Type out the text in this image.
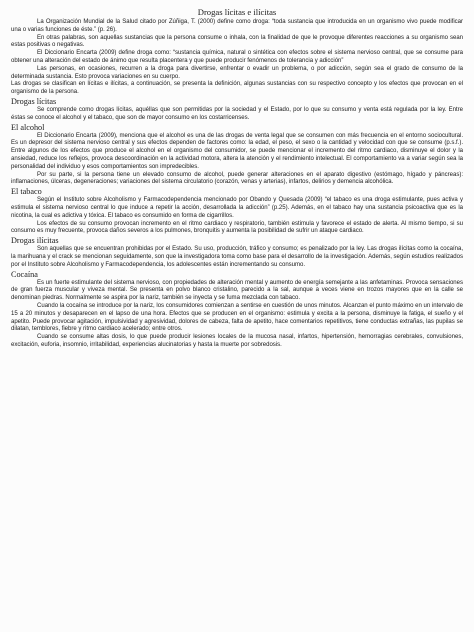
Drogas lícitas e ilícitas

La Organización Mundial de la Salud citado por Zúñiga, T. (2000) define como droga: “toda sustancia que introducida en un organismo vivo puede modificar una o varias funciones de éste.” (p. 26).

En otras palabras, son aquellas sustancias que la persona consume o inhala, con la finalidad de que le provoque diferentes reacciones a su organismo sean estas positivas o negativas.

El Diccionario Encarta (2009) define droga como: “sustancia química, natural o sintética con efectos sobre el sistema nervioso central, que se consume para obtener una alteración del estado de ánimo que resulta placentera y que puede producir fenómenos de tolerancia y adicción”

Las personas, en ocasiones, recurren a la droga para divertirse, enfrentar o evadir un problema, o por adicción, según sea el grado de consumo de la determinada sustancia. Esto provoca variaciones en su cuerpo.

Las drogas se clasifican en lícitas e ilícitas, a continuación, se presenta la definición, algunas sustancias con su respectivo concepto y los efectos que provocan en el organismo de la persona.

Drogas lícitas

Se comprende como drogas lícitas, aquéllas que son permitidas por la sociedad y el Estado, por lo que su consumo y venta está regulada por la ley. Entre éstas se conoce el alcohol y el tabaco, que son de mayor consumo en los costarricenses.

El alcohol

El Diccionario Encarta (2009), menciona que el alcohol es una de las drogas de venta legal que se consumen con más frecuencia en el entorno sociocultural. Es un depresor del sistema nervioso central y sus efectos dependen de factores como: la edad, el peso, el sexo o la cantidad y velocidad con que se consume (p.s.f.). Entre algunos de los efectos que produce el alcohol en el organismo del consumidor, se puede mencionar el incremento del ritmo cardiaco, disminuye el dolor y la ansiedad, reduce los reflejos, provoca descoordinación en la actividad motora, altera la atención y el rendimiento intelectual. El comportamiento va a variar según sea la personalidad del individuo y esos comportamientos son impredecibles.

Por su parte, si la persona tiene un elevado consumo de alcohol, puede generar alteraciones en el aparato digestivo (estómago, hígado y páncreas): inflamaciones, úlceras, degeneraciones; variaciones del sistema circulatorio (corazón, venas y arterias), infartos, delirios y demencia alcohólica.

El tabaco

Según el Instituto sobre Alcoholismo y Farmacodependencia mencionado por Obando y Quesada (2009) “el tabaco es una droga estimulante, pues activa y estimula el sistema nervioso central lo que induce a repetir la acción, desarrollada la adicción” (p.25). Además, en el tabaco hay una sustancia psicoactiva que es la nicotina, la cual es adictiva y tóxica. El tabaco es consumido en forma de cigarrillos.

Los efectos de su consumo provocan incremento en el ritmo cardiaco y respiratorio, también estimula y favorece el estado de alerta. Al mismo tiempo, si su consumo es muy frecuente, provoca daños severos a los pulmones, bronquitis y aumenta la posibilidad de sufrir un ataque cardiaco.

Drogas ilícitas

Son aquellas que se encuentran prohibidas por el Estado. Su uso, producción, tráfico y consumo; es penalizado por la ley. Las drogas ilícitas como la cocaína, la marihuana y el crack se mencionan seguidamente, son que la investigadora toma como base para el desarrollo de la investigación. Además, según estudios realizados por el Instituto sobre Alcoholismo y Farmacodependencia, los adolescentes están incrementando su consumo.

Cocaína

Es un fuerte estimulante del sistema nervioso, con propiedades de alteración mental y aumento de energía semejante a las anfetaminas. Provoca sensaciones de gran fuerza muscular y viveza mental. Se presenta en polvo blanco cristalino, parecido a la sal, aunque a veces viene en trozos mayores que en la calle se denominan piedras. Normalmente se aspira por la nariz, también se inyecta y se fuma mezclada con tabaco.

Cuando la cocaína se introduce por la nariz, los consumidores comienzan a sentirse en cuestión de unos minutos. Alcanzan el punto máximo en un intervalo de 15 a 20 minutos y desaparecen en el lapso de una hora. Efectos que se producen en el organismo: estimula y excita a la persona, disminuye la fatiga, el sueño y el apetito. Puede provocar agitación, impulsividad y agresividad, dolores de cabeza, falta de apetito, hace comentarios repetitivos, tiene conductas extrañas, las pupilas se dilatan, temblores, fiebre y ritmo cardiaco acelerado; entre otros.

Cuando se consume altas dosis, lo que puede producir lesiones locales de la mucosa nasal, infartos, hipertensión, hemorragias cerebrales, convulsiones, excitación, euforia, insomnio, irritabilidad, experiencias alucinatorias y hasta la muerte por sobredosis.
